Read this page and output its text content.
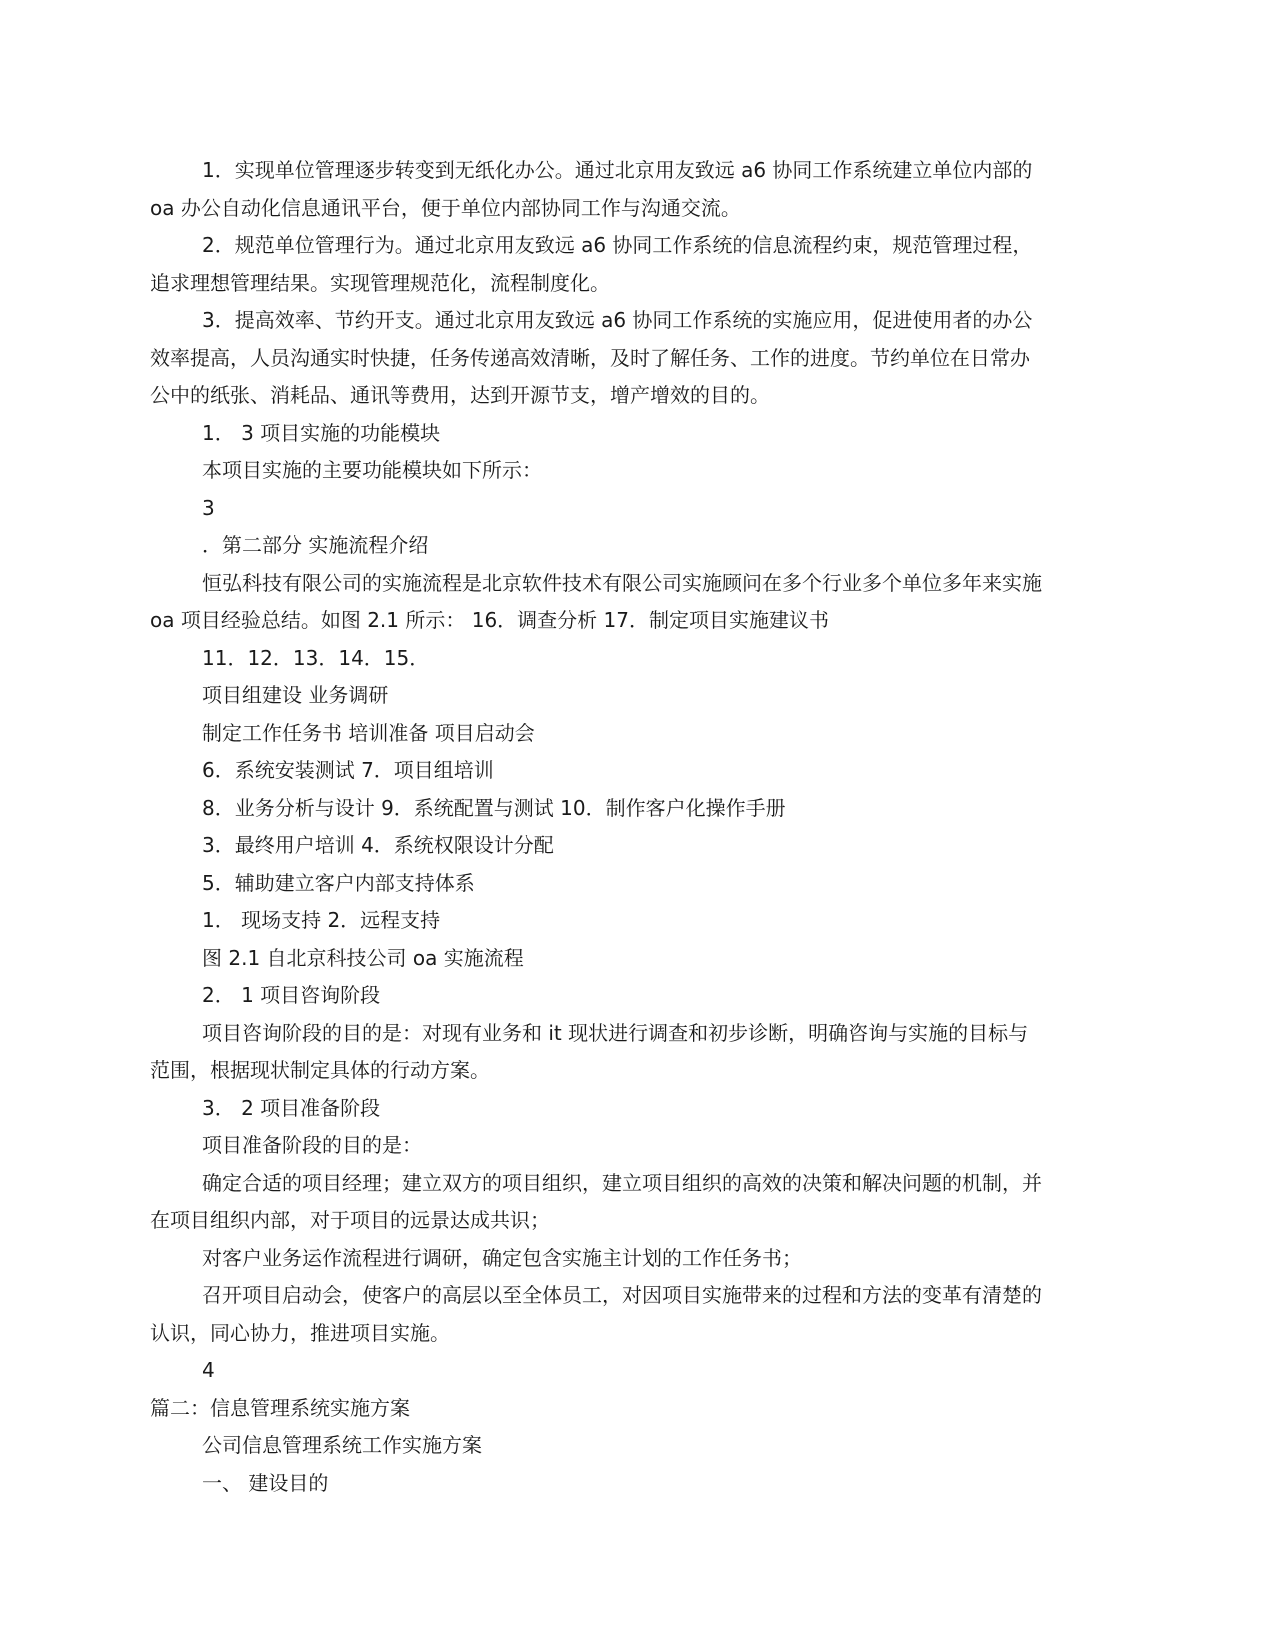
1．实现单位管理逐步转变到无纸化办公。通过北京用友致远 a6 协同工作系统建立单位内部的
oa 办公自动化信息通讯平台，便于单位内部协同工作与沟通交流。
2．规范单位管理行为。通过北京用友致远 a6 协同工作系统的信息流程约束，规范管理过程，
追求理想管理结果。实现管理规范化，流程制度化。
3．提高效率、节约开支。通过北京用友致远 a6 协同工作系统的实施应用，促进使用者的办公
效率提高，人员沟通实时快捷，任务传递高效清晰，及时了解任务、工作的进度。节约单位在日常办
公中的纸张、消耗品、通讯等费用，达到开源节支，增产增效的目的。
1． 3 项目实施的功能模块
本项目实施的主要功能模块如下所示：
3
．第二部分 实施流程介绍
恒弘科技有限公司的实施流程是北京软件技术有限公司实施顾问在多个行业多个单位多年来实施
oa 项目经验总结。如图 2.1 所示： 16．调查分析 17．制定项目实施建议书
11．12．13．14．15．
项目组建设 业务调研
制定工作任务书 培训准备 项目启动会
6．系统安装测试 7．项目组培训
8．业务分析与设计 9．系统配置与测试 10．制作客户化操作手册
3．最终用户培训 4．系统权限设计分配
5．辅助建立客户内部支持体系
1． 现场支持 2．远程支持
图 2.1 自北京科技公司 oa 实施流程
2． 1 项目咨询阶段
项目咨询阶段的目的是：对现有业务和 it 现状进行调查和初步诊断，明确咨询与实施的目标与
范围，根据现状制定具体的行动方案。
3． 2 项目准备阶段
项目准备阶段的目的是：
确定合适的项目经理；建立双方的项目组织，建立项目组织的高效的决策和解决问题的机制，并
在项目组织内部，对于项目的远景达成共识；
对客户业务运作流程进行调研，确定包含实施主计划的工作任务书；
召开项目启动会，使客户的高层以至全体员工，对因项目实施带来的过程和方法的变革有清楚的
认识，同心协力，推进项目实施。
4
篇二：信息管理系统实施方案
公司信息管理系统工作实施方案
一、 建设目的
